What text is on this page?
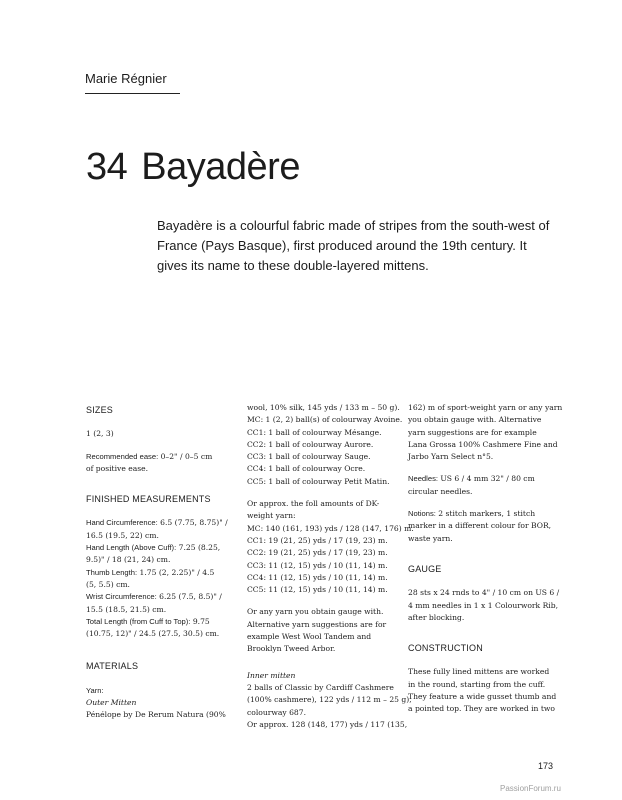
Marie Régnier
34 Bayadère
Bayadère is a colourful fabric made of stripes from the south-west of France (Pays Basque), first produced around the 19th century. It gives its name to these double-layered mittens.
SIZES
1 (2, 3)
Recommended ease: 0–2" / 0–5 cm
of positive ease.
FINISHED MEASUREMENTS
Hand Circumference: 6.5 (7.75, 8.75)" /
16.5 (19.5, 22) cm.
Hand Length (Above Cuff): 7.25 (8.25,
9.5)" / 18 (21, 24) cm.
Thumb Length: 1.75 (2, 2.25)" / 4.5
(5, 5.5) cm.
Wrist Circumference: 6.25 (7.5, 8.5)" /
15.5 (18.5, 21.5) cm.
Total Length (from Cuff to Top): 9.75
(10.75, 12)" / 24.5 (27.5, 30.5) cm.
MATERIALS
Yarn:
Outer Mitten
Pénélope by De Rerum Natura (90%
wool, 10% silk, 145 yds / 133 m – 50 g).
MC: 1 (2, 2) ball(s) of colourway Avoine.
CC1: 1 ball of colourway Mésange.
CC2: 1 ball of colourway Aurore.
CC3: 1 ball of colourway Sauge.
CC4: 1 ball of colourway Ocre.
CC5: 1 ball of colourway Petit Matin.
Or approx. the foll amounts of DK-
weight yarn:
MC: 140 (161, 193) yds / 128 (147, 176) m.
CC1: 19 (21, 25) yds / 17 (19, 23) m.
CC2: 19 (21, 25) yds / 17 (19, 23) m.
CC3: 11 (12, 15) yds / 10 (11, 14) m.
CC4: 11 (12, 15) yds / 10 (11, 14) m.
CC5: 11 (12, 15) yds / 10 (11, 14) m.
Or any yarn you obtain gauge with.
Alternative yarn suggestions are for
example West Wool Tandem and
Brooklyn Tweed Arbor.
Inner mitten
2 balls of Classic by Cardiff Cashmere
(100% cashmere), 122 yds / 112 m – 25 g),
colourway 687.
Or approx. 128 (148, 177) yds / 117 (135,
162) m of sport-weight yarn or any yarn
you obtain gauge with. Alternative
yarn suggestions are for example
Lana Grossa 100% Cashmere Fine and
Jarbo Yarn Select n°5.
Needles: US 6 / 4 mm 32" / 80 cm
circular needles.
Notions: 2 stitch markers, 1 stitch
marker in a different colour for BOR,
waste yarn.
GAUGE
28 sts x 24 rnds to 4" / 10 cm on US 6 /
4 mm needles in 1 x 1 Colourwork Rib,
after blocking.
CONSTRUCTION
These fully lined mittens are worked
in the round, starting from the cuff.
They feature a wide gusset thumb and
a pointed top. They are worked in two
173
PassionForum.ru
